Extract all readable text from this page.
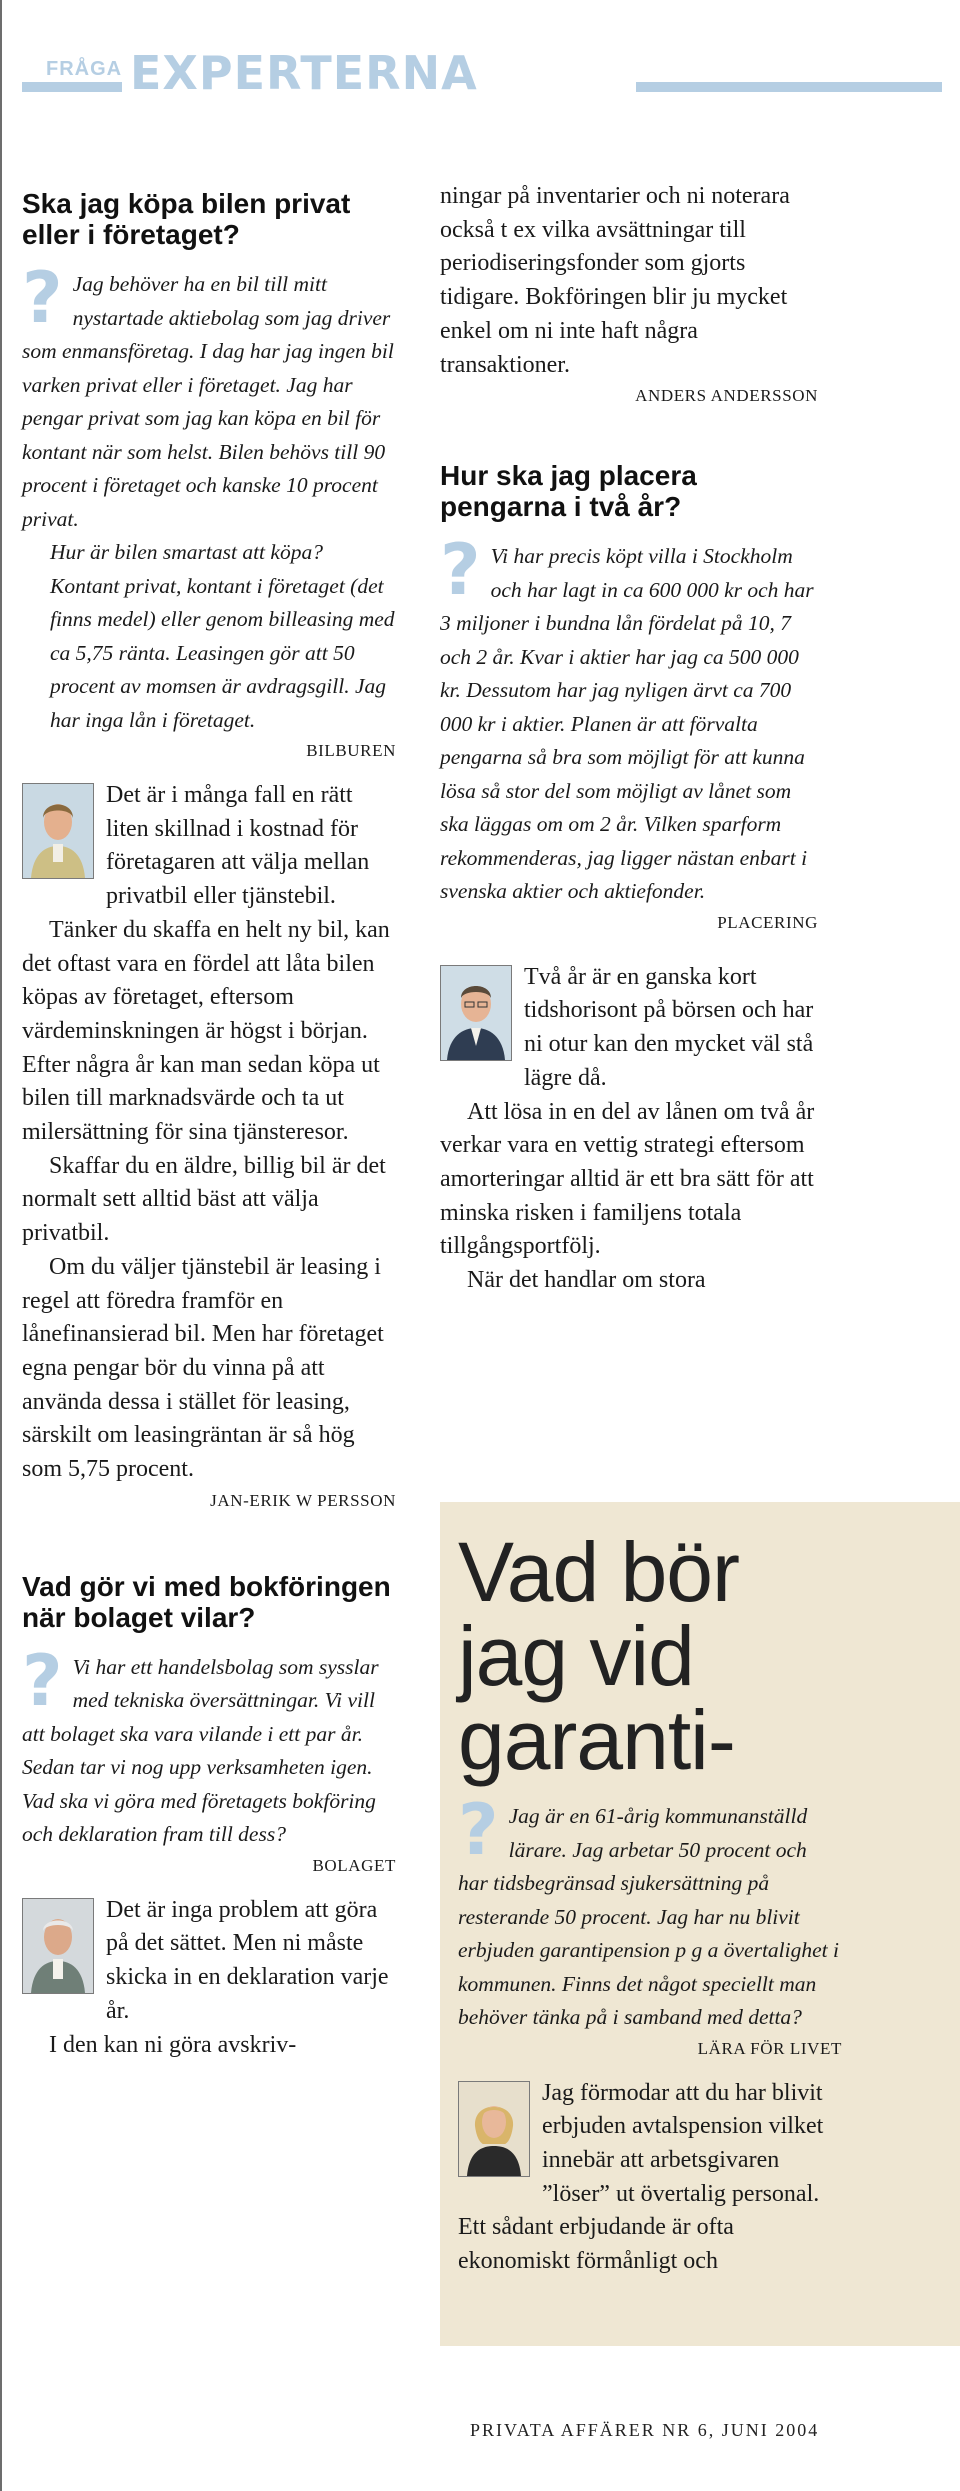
FRÅGA EXPERTERNA
Ska jag köpa bilen privat eller i företaget?
? Jag behöver ha en bil till mitt nystartade aktiebolag som jag driver som enmansföretag. I dag har jag ingen bil varken privat eller i företaget. Jag har pengar privat som jag kan köpa en bil för kontant när som helst. Bilen behövs till 90 procent i företaget och kanske 10 procent privat.
Hur är bilen smartast att köpa? Kontant privat, kontant i företaget (det finns medel) eller genom billeasing med ca 5,75 ränta. Leasingen gör att 50 procent av momsen är avdragsgill. Jag har inga lån i företaget.
BILBUREN

Det är i många fall en rätt liten skillnad i kostnad för företagaren att välja mellan privatbil eller tjänstebil.

Tänker du skaffa en helt ny bil, kan det oftast vara en fördel att låta bilen köpas av företaget, eftersom värdeminskningen är högst i början. Efter några år kan man sedan köpa ut bilen till marknadsvärde och ta ut milersättning för sina tjänsteresor.

Skaffar du en äldre, billig bil är det normalt sett alltid bäst att välja privatbil.

Om du väljer tjänstebil är leasing i regel att föredra framför en lånefinansierad bil. Men har företaget egna pengar bör du vinna på att använda dessa i stället för leasing, särskilt om leasingräntan är så hög som 5,75 procent.

JAN-ERIK W PERSSON
Vad gör vi med bokföringen när bolaget vilar?
? Vi har ett handelsbolag som sysslar med tekniska översättningar. Vi vill att bolaget ska vara vilande i ett par år. Sedan tar vi nog upp verksamheten igen. Vad ska vi göra med företagets bokföring och deklaration fram till dess?
BOLAGET

Det är inga problem att göra på det sättet. Men ni måste skicka in en deklaration varje år.

I den kan ni göra avskriv-

ningar på inventarier och ni noterara också t ex vilka avsättningar till periodiseringsfonder som gjorts tidigare. Bokföringen blir ju mycket enkel om ni inte haft några transaktioner.

ANDERS ANDERSSON
Hur ska jag placera pengarna i två år?
? Vi har precis köpt villa i Stockholm och har lagt in ca 600 000 kr och har 3 miljoner i bundna lån fördelat på 10, 7 och 2 år. Kvar i aktier har jag ca 500 000 kr. Dessutom har jag nyligen ärvt ca 700 000 kr i aktier. Planen är att förvalta pengarna så bra som möjligt för att kunna lösa så stor del som möjligt av lånet som ska läggas om om 2 år. Vilken sparform rekommenderas, jag ligger nästan enbart i svenska aktier och aktiefonder.
PLACERING

Två år är en ganska kort tidshorisont på börsen och har ni otur kan den mycket väl stå lägre då.

Att lösa in en del av lånen om två år verkar vara en vettig strategi eftersom amorteringar alltid är ett bra sätt för att minska risken i familjens totala tillgångsportfölj.

När det handlar om stora

Vad bör jag vid garanti-
? Jag är en 61-årig kommunanställd lärare. Jag arbetar 50 procent och har tidsbegränsad sjukersättning på resterande 50 procent. Jag har nu blivit erbjuden garantipension p g a övertalighet i kommunen. Finns det något speciellt man behöver tänka på i samband med detta?
LÄRA FÖR LIVET

Jag förmodar att du har blivit erbjuden avtalspension vilket innebär att arbetsgivaren ”löser” ut övertalig personal. Ett sådant erbjudande är ofta ekonomiskt förmånligt och

PRIVATA AFFÄRER NR 6, JUNI 2004
